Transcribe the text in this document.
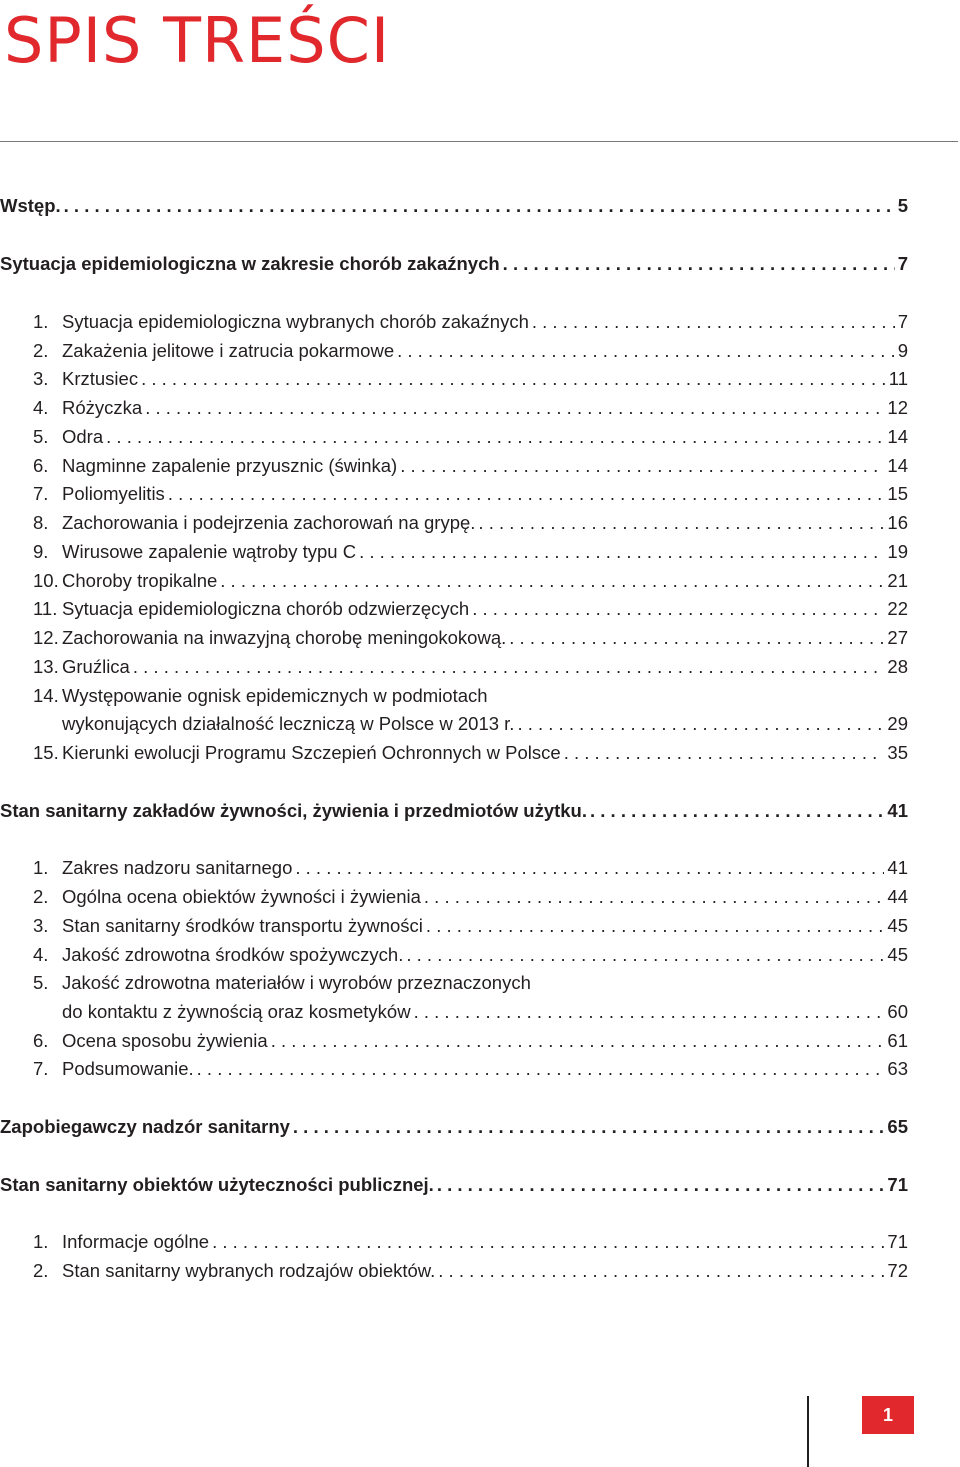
SPIS TREŚCI
Wstęp. . . .	5
Sytuacja epidemiologiczna w zakresie chorób zakaźnych . . .	7
1. Sytuacja epidemiologiczna wybranych chorób zakaźnych . . .	7
2. Zakażenia jelitowe i zatrucia pokarmowe . . .	9
3. Krztusiec . . .	11
4. Różyczka . . .	12
5. Odra . . .	14
6. Nagminne zapalenie przyusznic (świnka) . . .	14
7. Poliomyelitis . . .	15
8. Zachorowania i podejrzenia zachorowań na grypę. . . .	16
9. Wirusowe zapalenie wątroby typu C . . .	19
10. Choroby tropikalne . . .	21
11. Sytuacja epidemiologiczna chorób odzwierzęcych . . .	22
12. Zachorowania na inwazyjną chorobę meningokokową. . . .	27
13. Gruźlica . . .	28
14. Występowanie ognisk epidemicznych w podmiotach
wykonujących działalność leczniczą w Polsce w 2013 r. . . .	29
15. Kierunki ewolucji Programu Szczepień Ochronnych w Polsce . . .	35
Stan sanitarny zakładów żywności, żywienia i przedmiotów użytku. . . .	41
1. Zakres nadzoru sanitarnego . . .	41
2. Ogólna ocena obiektów żywności i żywienia . . .	44
3. Stan sanitarny środków transportu żywności . . .	45
4. Jakość zdrowotna środków spożywczych. . . .	45
5. Jakość zdrowotna materiałów i wyrobów przeznaczonych
do kontaktu z żywnością oraz kosmetyków . . .	60
6. Ocena sposobu żywienia . . .	61
7. Podsumowanie. . . .	63
Zapobiegawczy nadzór sanitarny . . .	65
Stan sanitarny obiektów użyteczności publicznej. . . .	71
1. Informacje ogólne . . .	71
2. Stan sanitarny wybranych rodzajów obiektów. . . .	72
1
